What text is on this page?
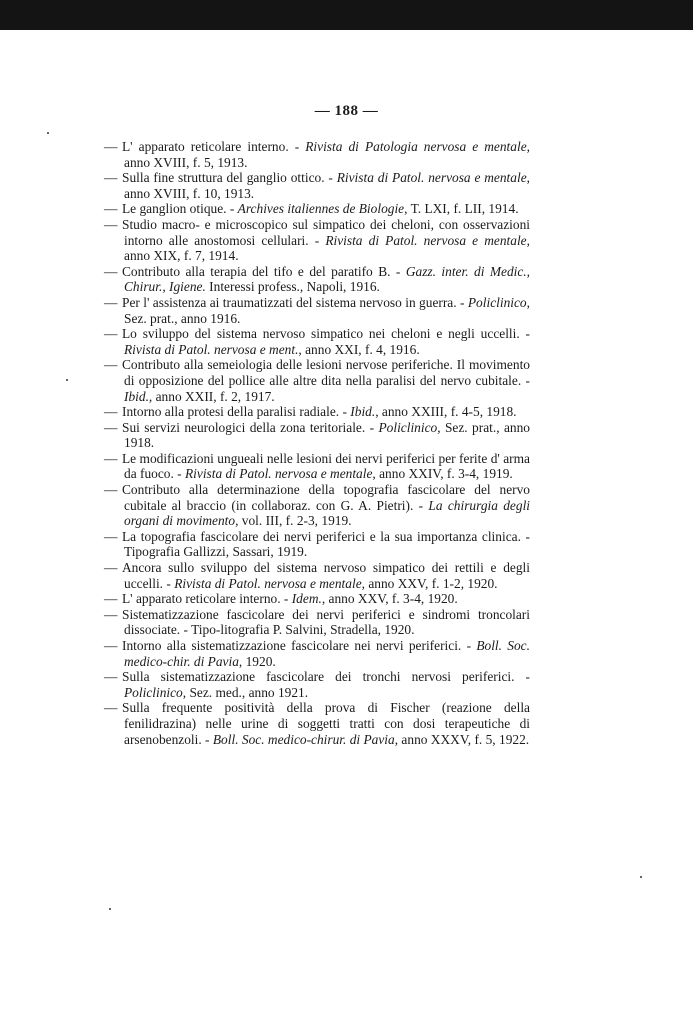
— 188 —

— L' apparato reticolare interno. - Rivista di Patologia nervosa e mentale, anno XVIII, f. 5, 1913.

— Sulla fine struttura del ganglio ottico. - Rivista di Patol. nervosa e mentale, anno XVIII, f. 10, 1913.

— Le ganglion otique. - Archives italiennes de Biologie, T. LXI, f. LII, 1914.

— Studio macro- e microscopico sul simpatico dei cheloni, con osservazioni intorno alle anostomosi cellulari. - Rivista di Patol. nervosa e mentale, anno XIX, f. 7, 1914.

— Contributo alla terapia del tifo e del paratifo B. - Gazz. inter. di Medic., Chirur., Igiene. Interessi profess., Napoli, 1916.

— Per l' assistenza ai traumatizzati del sistema nervoso in guerra. - Policlinico, Sez. prat., anno 1916.

— Lo sviluppo del sistema nervoso simpatico nei cheloni e negli uccelli. - Rivista di Patol. nervosa e ment., anno XXI, f. 4, 1916.

— Contributo alla semeiologia delle lesioni nervose periferiche. Il movimento di opposizione del pollice alle altre dita nella paralisi del nervo cubitale. - Ibid., anno XXII, f. 2, 1917.

— Intorno alla protesi della paralisi radiale. - Ibid., anno XXIII, f. 4-5, 1918.

— Sui servizi neurologici della zona teritoriale. - Policlinico, Sez. prat., anno 1918.

— Le modificazioni ungueali nelle lesioni dei nervi periferici per ferite d' arma da fuoco. - Rivista di Patol. nervosa e mentale, anno XXIV, f. 3-4, 1919.

— Contributo alla determinazione della topografia fascicolare del nervo cubitale al braccio (in collaboraz. con G. A. Pietri). - La chirurgia degli organi di movimento, vol. III, f. 2-3, 1919.

— La topografia fascicolare dei nervi periferici e la sua importanza clinica. - Tipografia Gallizzi, Sassari, 1919.

— Ancora sullo sviluppo del sistema nervoso simpatico dei rettili e degli uccelli. - Rivista di Patol. nervosa e mentale, anno XXV, f. 1-2, 1920.

— L' apparato reticolare interno. - Idem., anno XXV, f. 3-4, 1920.

— Sistematizzazione fascicolare dei nervi periferici e sindromi troncolari dissociate. - Tipo-litografia P. Salvini, Stradella, 1920.

— Intorno alla sistematizzazione fascicolare nei nervi periferici. - Boll. Soc. medico-chir. di Pavia, 1920.

— Sulla sistematizzazione fascicolare dei tronchi nervosi periferici. - Policlinico, Sez. med., anno 1921.

— Sulla frequente positività della prova di Fischer (reazione della fenilidrazina) nelle urine di soggetti tratti con dosi terapeutiche di arsenobenzoli. - Boll. Soc. medico-chirur. di Pavia, anno XXXV, f. 5, 1922.
